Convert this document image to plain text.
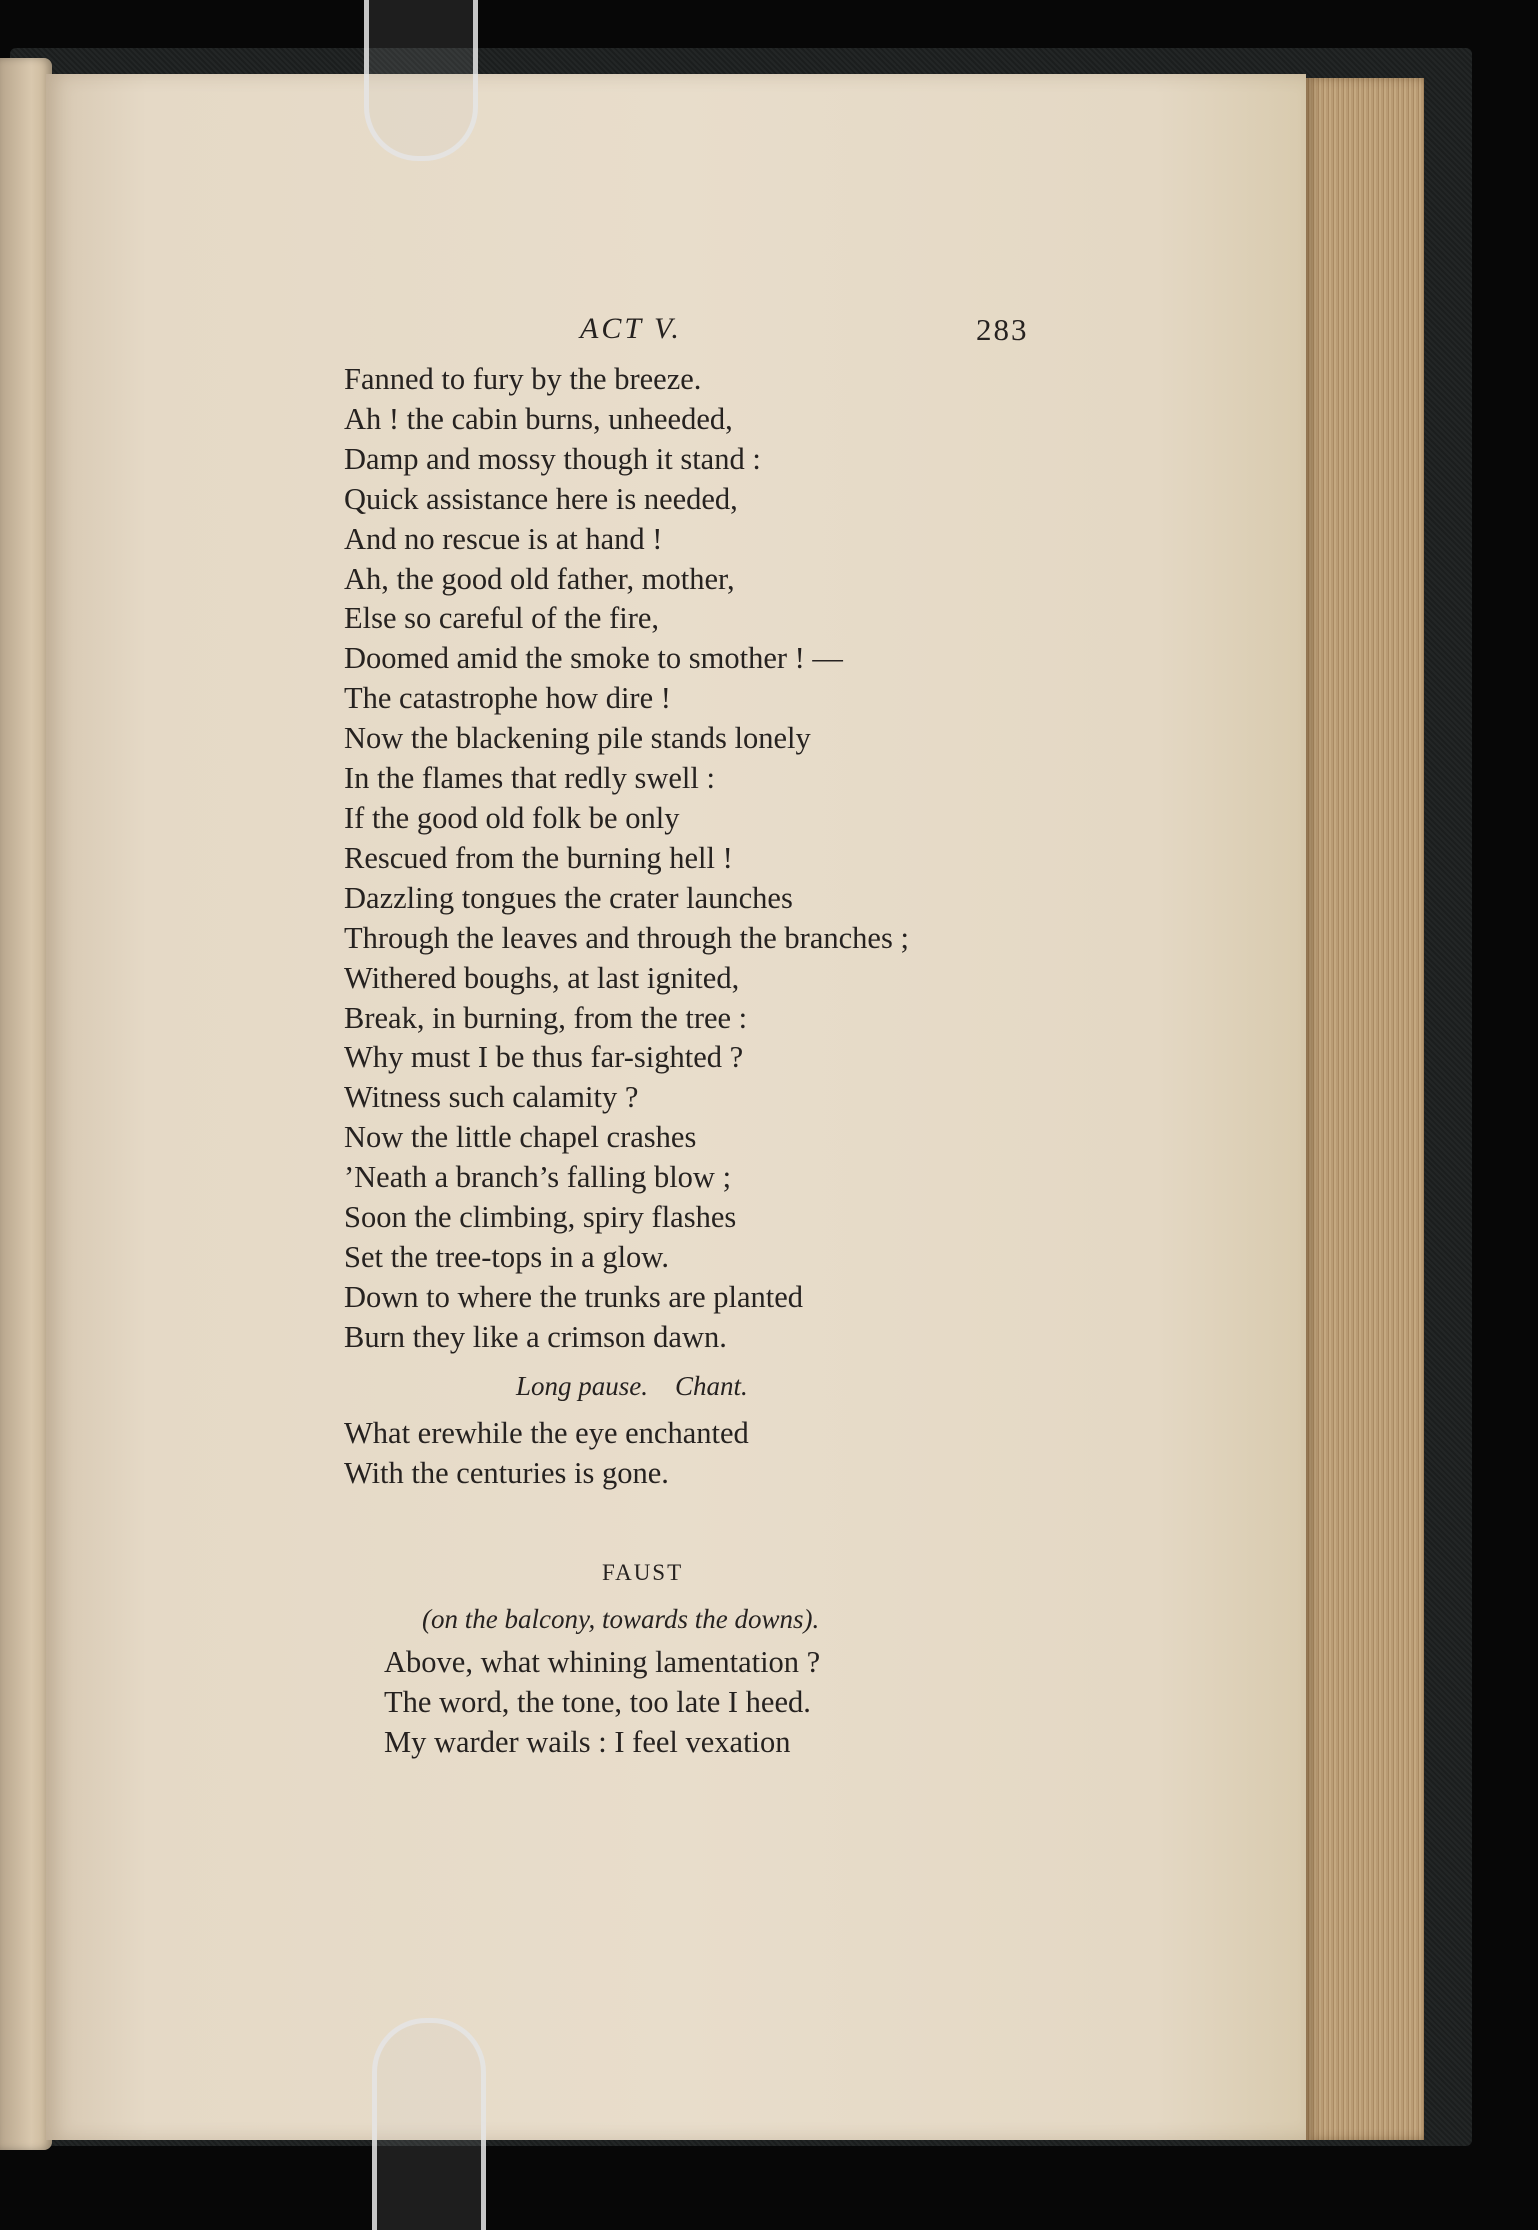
ACT V.	283
Fanned to fury by the breeze.
Ah ! the cabin burns, unheeded,
Damp and mossy though it stand :
Quick assistance here is needed,
And no rescue is at hand !
Ah, the good old father, mother,
Else so careful of the fire,
Doomed amid the smoke to smother ! —
The catastrophe how dire !
Now the blackening pile stands lonely
In the flames that redly swell :
If the good old folk be only
Rescued from the burning hell !
Dazzling tongues the crater launches
Through the leaves and through the branches ;
Withered boughs, at last ignited,
Break, in burning, from the tree :
Why must I be thus far-sighted ?
Witness such calamity ?
Now the little chapel crashes
’Neath a branch’s falling blow ;
Soon the climbing, spiry flashes
Set the tree-tops in a glow.
Down to where the trunks are planted
Burn they like a crimson dawn.
Long pause.    Chant.
What erewhile the eye enchanted
With the centuries is gone.
FAUST
(on the balcony, towards the downs).
Above, what whining lamentation ?
The word, the tone, too late I heed.
My warder wails : I feel vexation
